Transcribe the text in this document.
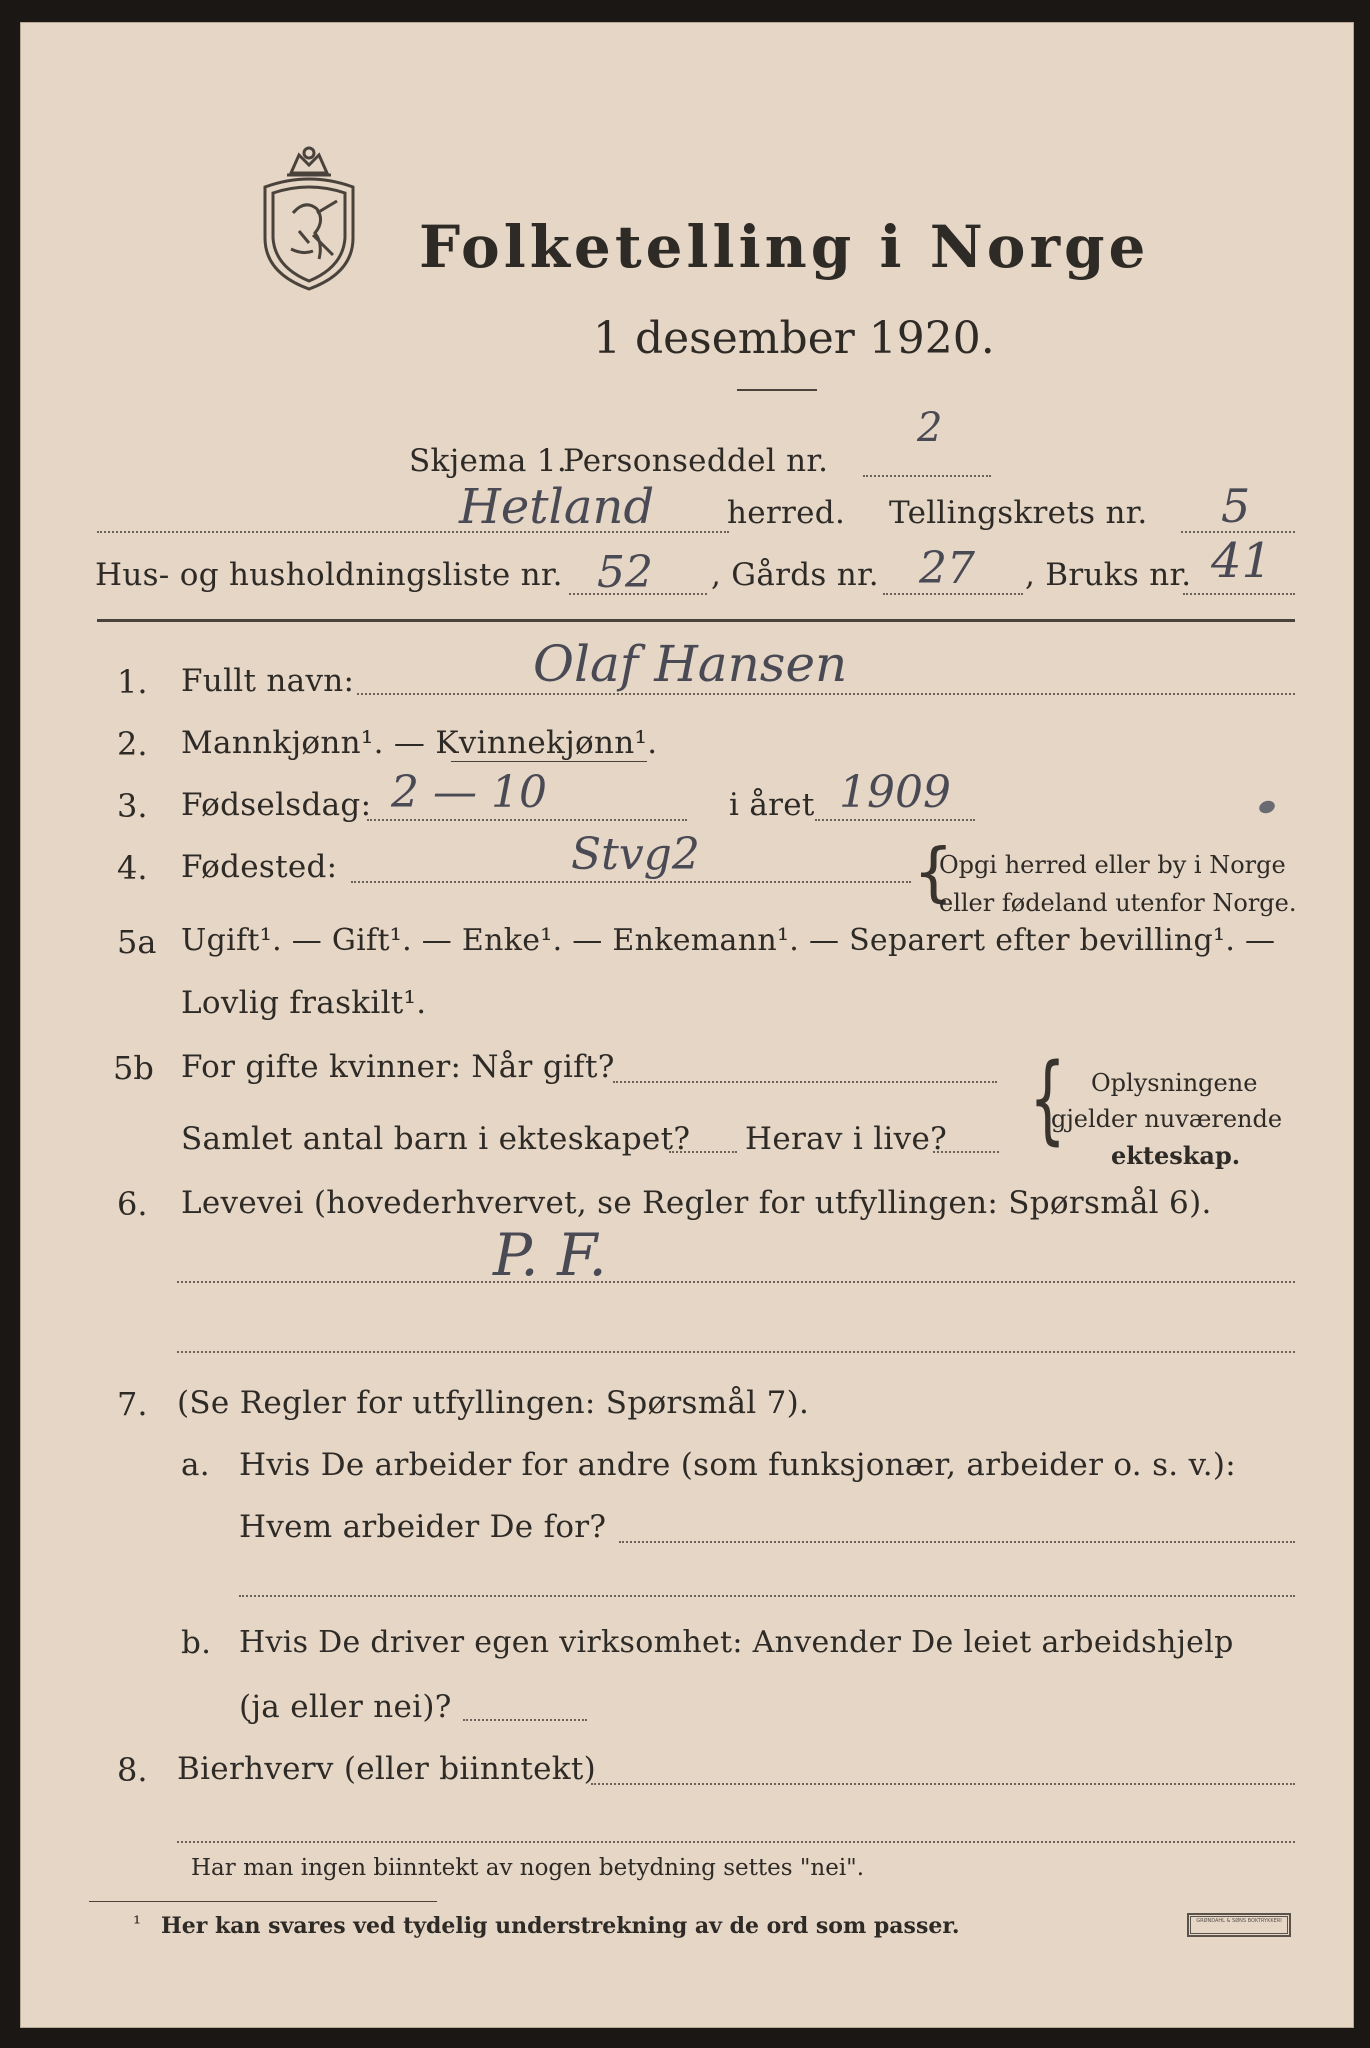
Folketelling i Norge
1 desember 1920.
Skjema 1.
Personseddel nr.
2
Hetland herred. Tellingskrets nr. 5
Hus- og husholdningsliste nr. 52 , Gårds nr. 27 , Bruks nr. 41
1. Fullt navn:	Olaf Hansen
2. Mannkjønn¹. — Kvinnekjønn¹.
3. Fødselsdag: 2 — 10	i året 1909
4. Fødested:	Stvg2	{
Opgi herred eller by i Norge
eller fødeland utenfor Norge.
5a Ugift¹. — Gift¹. — Enke¹. — Enkemann¹. — Separert efter bevilling¹. —
Lovlig fraskilt¹.
5b For gifte kvinner: Når gift?
Samlet antal barn i ekteskapet? Herav i live? { Oplysningene
gjelder nuværende
ekteskap.
6. Levevei (hovederhvervet, se Regler for utfyllingen: Spørsmål 6).
P. F.
7. (Se Regler for utfyllingen: Spørsmål 7).
a. Hvis De arbeider for andre (som funksjonær, arbeider o. s. v.):
Hvem arbeider De for?
b. Hvis De driver egen virksomhet: Anvender De leiet arbeidshjelp
(ja eller nei)?
8. Bierhverv (eller biinntekt)
Har man ingen biinntekt av nogen betydning settes "nei".
¹ Her kan svares ved tydelig understrekning av de ord som passer.	GRØNDAHL & SØNS BOKTRYKKERI
